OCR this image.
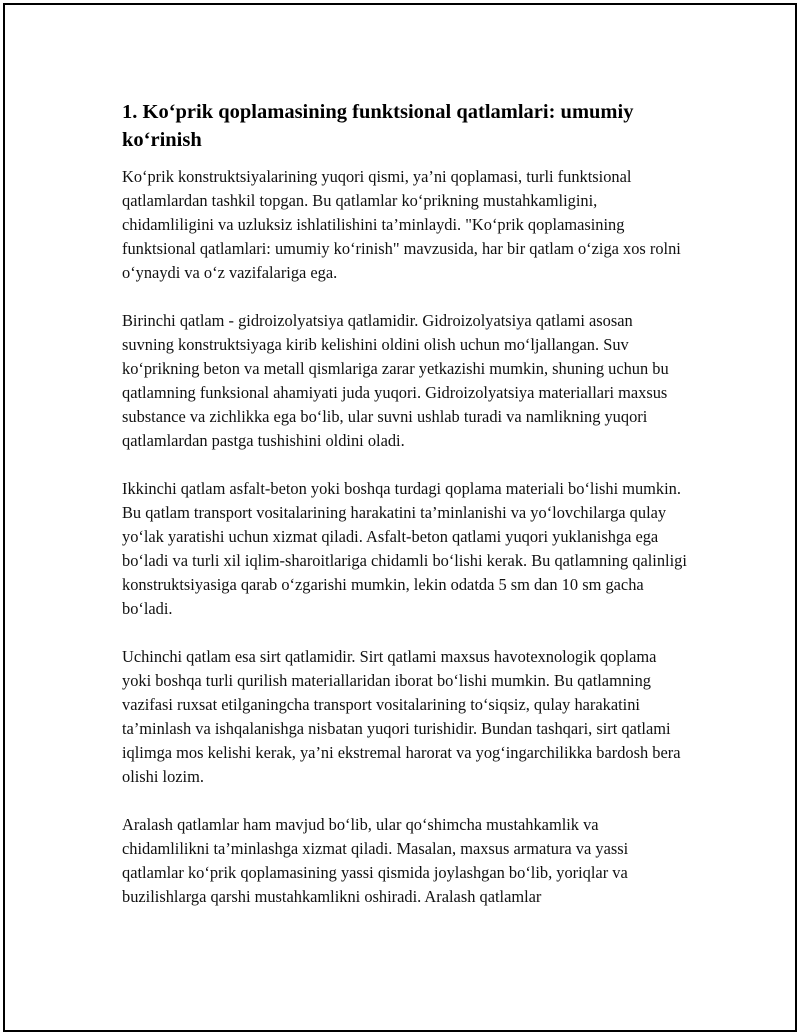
1. Ko‘prik qoplamasining funktsional qatlamlari: umumiy ko‘rinish

Ko‘prik konstruktsiyalarining yuqori qismi, ya’ni qoplamasi, turli funktsional qatlamlardan tashkil topgan. Bu qatlamlar ko‘prikning mustahkamligini, chidamliligini va uzluksiz ishlatilishini ta’minlaydi. "Ko‘prik qoplamasining funktsional qatlamlari: umumiy ko‘rinish" mavzusida, har bir qatlam o‘ziga xos rolni o‘ynaydi va o‘z vazifalariga ega.

Birinchi qatlam - gidroizolyatsiya qatlamidir. Gidroizolyatsiya qatlami asosan suvning konstruktsiyaga kirib kelishini oldini olish uchun mo‘ljallangan. Suv ko‘prikning beton va metall qismlariga zarar yetkazishi mumkin, shuning uchun bu qatlamning funksional ahamiyati juda yuqori. Gidroizolyatsiya materiallari maxsus substance va zichlikka ega bo‘lib, ular suvni ushlab turadi va namlikning yuqori qatlamlardan pastga tushishini oldini oladi.

Ikkinchi qatlam asfalt-beton yoki boshqa turdagi qoplama materiali bo‘lishi mumkin. Bu qatlam transport vositalarining harakatini ta’minlanishi va yo‘lovchilarga qulay yo‘lak yaratishi uchun xizmat qiladi. Asfalt-beton qatlami yuqori yuklanishga ega bo‘ladi va turli xil iqlim-sharoitlariga chidamli bo‘lishi kerak. Bu qatlamning qalinligi konstruktsiyasiga qarab o‘zgarishi mumkin, lekin odatda 5 sm dan 10 sm gacha bo‘ladi.

Uchinchi qatlam esa sirt qatlamidir. Sirt qatlami maxsus havotexnologik qoplama yoki boshqa turli qurilish materiallaridan iborat bo‘lishi mumkin. Bu qatlamning vazifasi ruxsat etilganingcha transport vositalarining to‘siqsiz, qulay harakatini ta’minlash va ishqalanishga nisbatan yuqori turishidir. Bundan tashqari, sirt qatlami iqlimga mos kelishi kerak, ya’ni ekstremal harorat va yog‘ingarchilikka bardosh bera olishi lozim.

Aralash qatlamlar ham mavjud bo‘lib, ular qo‘shimcha mustahkamlik va chidamlilikni ta’minlashga xizmat qiladi. Masalan, maxsus armatura va yassi qatlamlar ko‘prik qoplamasining yassi qismida joylashgan bo‘lib, yoriqlar va buzilishlarga qarshi mustahkamlikni oshiradi. Aralash qatlamlar
